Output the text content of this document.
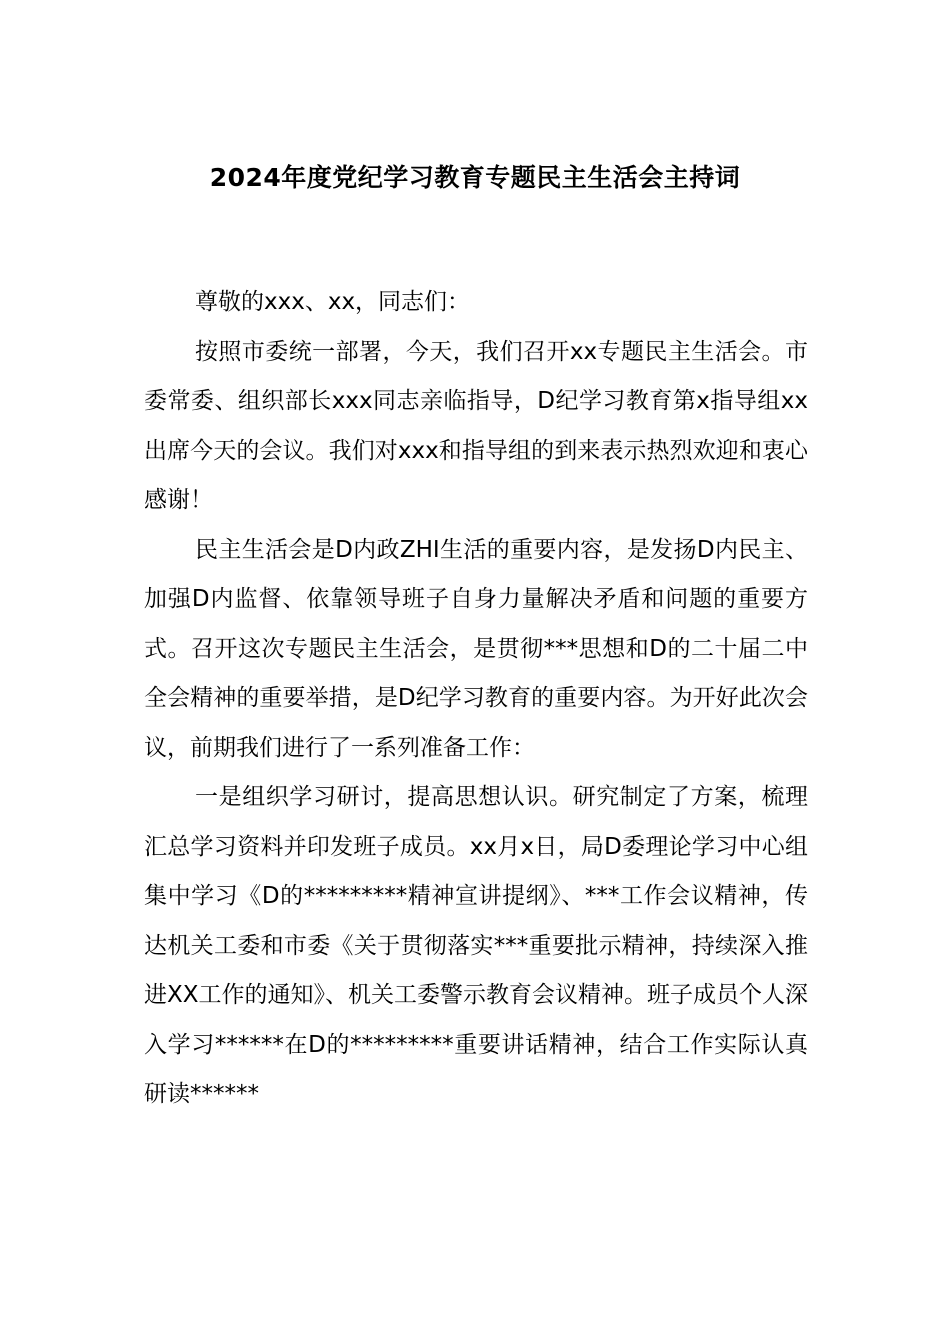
2024年度党纪学习教育专题民主生活会主持词

尊敬的xxx、xx，同志们：

按照市委统一部署，今天，我们召开xx专题民主生活会。市委常委、组织部长xxx同志亲临指导，D纪学习教育第x指导组xx出席今天的会议。我们对xxx和指导组的到来表示热烈欢迎和衷心感谢！

民主生活会是D内政ZHI生活的重要内容，是发扬D内民主、加强D内监督、依靠领导班子自身力量解决矛盾和问题的重要方式。召开这次专题民主生活会，是贯彻***思想和D的二十届二中全会精神的重要举措，是D纪学习教育的重要内容。为开好此次会议，前期我们进行了一系列准备工作：

一是组织学习研讨，提高思想认识。研究制定了方案，梳理汇总学习资料并印发班子成员。xx月x日，局D委理论学习中心组集中学习《D的*********精神宣讲提纲》、***工作会议精神，传达机关工委和市委《关于贯彻落实***重要批示精神，持续深入推进XX工作的通知》、机关工委警示教育会议精神。班子成员个人深入学习******在D的*********重要讲话精神，结合工作实际认真研读******
